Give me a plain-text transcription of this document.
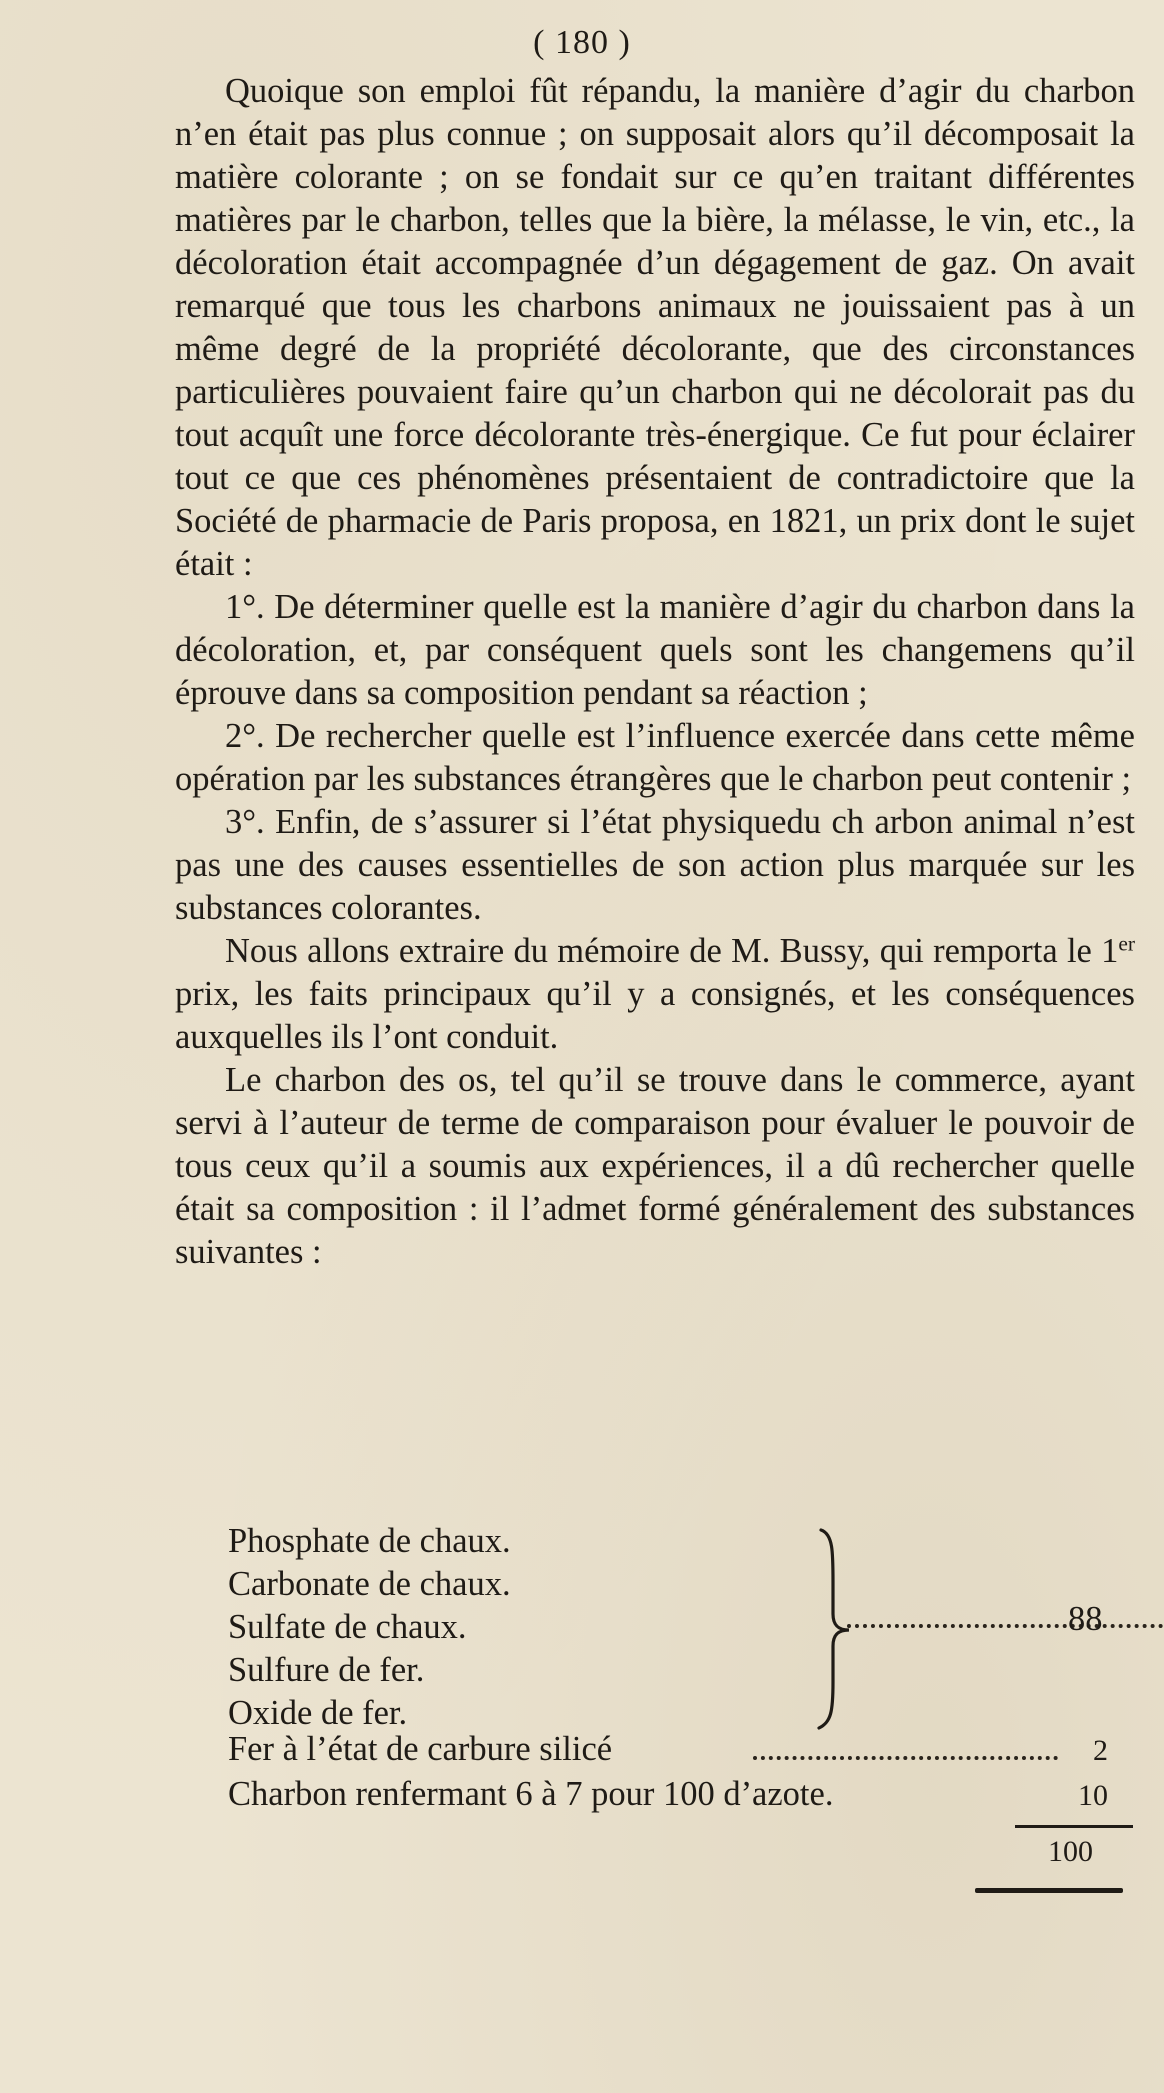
( 180 )

Quoique son emploi fût répandu, la manière d’agir du charbon n’en était pas plus connue ; on supposait alors qu’il décomposait la matière colorante ; on se fondait sur ce qu’en traitant différentes matières par le charbon, telles que la bière, la mélasse, le vin, etc., la décoloration était accompagnée d’un dégagement de gaz. On avait remarqué que tous les charbons animaux ne jouissaient pas à un même degré de la propriété décolorante, que des circonstances particulières pouvaient faire qu’un charbon qui ne décolorait pas du tout acquît une force décolorante très-énergique. Ce fut pour éclairer tout ce que ces phénomènes présentaient de contradictoire que la Société de pharmacie de Paris proposa, en 1821, un prix dont le sujet était :

1°. De déterminer quelle est la manière d’agir du charbon dans la décoloration, et, par conséquent quels sont les changemens qu’il éprouve dans sa composition pendant sa réaction ;

2°. De rechercher quelle est l’influence exercée dans cette même opération par les substances étrangères que le charbon peut contenir ;

3°. Enfin, de s’assurer si l’état physiquedu ch arbon animal n’est pas une des causes essentielles de son action plus marquée sur les substances colorantes.

Nous allons extraire du mémoire de M. Bussy, qui remporta le 1er prix, les faits principaux qu’il y a consignés, et les conséquences auxquelles ils l’ont conduit.

Le charbon des os, tel qu’il se trouve dans le commerce, ayant servi à l’auteur de terme de comparaison pour évaluer le pouvoir de tous ceux qu’il a soumis aux expériences, il a dû rechercher quelle était sa composition : il l’admet formé généralement des substances suivantes :

Phosphate de chaux.
Carbonate de chaux.
Sulfate de chaux.
Sulfure de fer.
Oxide de fer.
88
Fer à l’état de carbure silicé	2
Charbon renfermant 6 à 7 pour 100 d’azote.	10
100
